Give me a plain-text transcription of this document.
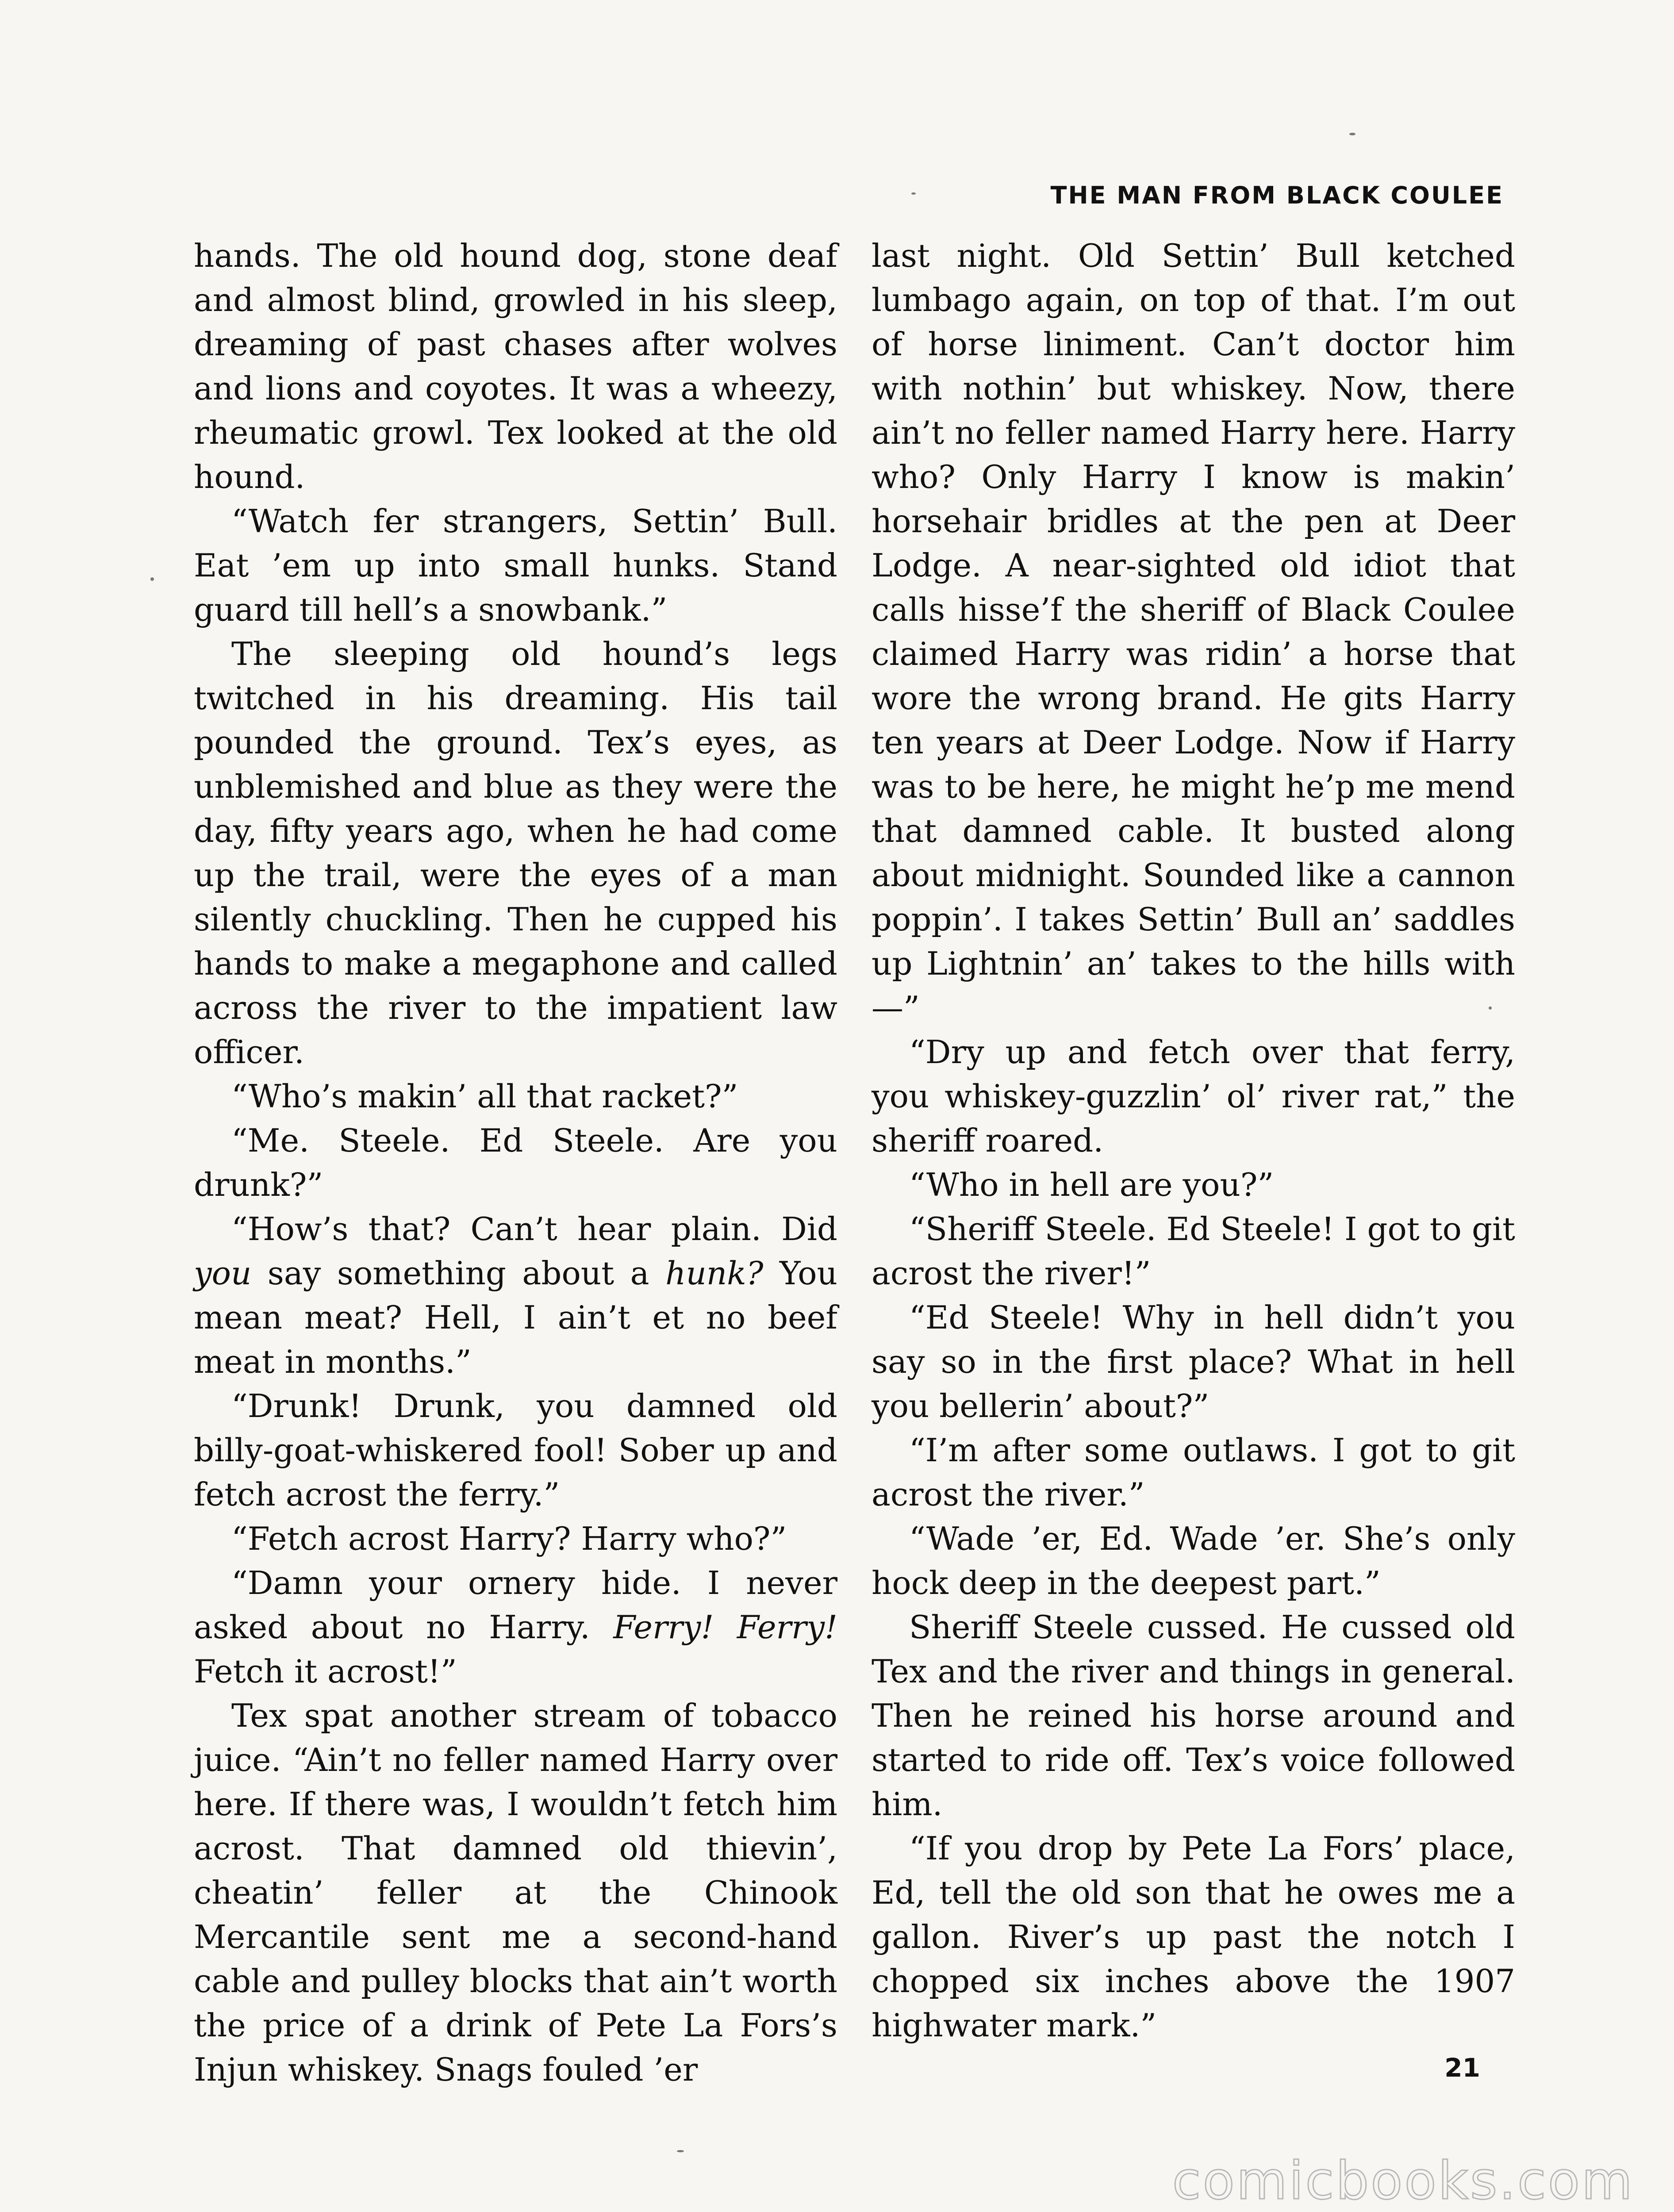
THE MAN FROM BLACK COULEE

hands. The old hound dog, stone deaf and almost blind, growled in his sleep, dreaming of past chases after wolves and lions and coyotes. It was a wheezy, rheumatic growl. Tex looked at the old hound.

“Watch fer strangers, Settin’ Bull. Eat ’em up into small hunks. Stand guard till hell’s a snowbank.”

The sleeping old hound’s legs twitched in his dreaming. His tail pounded the ground. Tex’s eyes, as unblemished and blue as they were the day, fifty years ago, when he had come up the trail, were the eyes of a man silently chuckling. Then he cupped his hands to make a megaphone and called across the river to the impatient law officer.

“Who’s makin’ all that racket?”

“Me. Steele. Ed Steele. Are you drunk?”

“How’s that? Can’t hear plain. Did you say something about a hunk? You mean meat? Hell, I ain’t et no beef meat in months.”

“Drunk! Drunk, you damned old billy-goat-whiskered fool! Sober up and fetch acrost the ferry.”

“Fetch acrost Harry? Harry who?”

“Damn your ornery hide. I never asked about no Harry. Ferry! Ferry! Fetch it acrost!”

Tex spat another stream of tobacco juice. “Ain’t no feller named Harry over here. If there was, I wouldn’t fetch him acrost. That damned old thievin’, cheatin’ feller at the Chinook Mercantile sent me a second-hand cable and pulley blocks that ain’t worth the price of a drink of Pete La Fors’s Injun whiskey. Snags fouled ’er

last night. Old Settin’ Bull ketched lumbago again, on top of that. I’m out of horse liniment. Can’t doctor him with nothin’ but whiskey. Now, there ain’t no feller named Harry here. Harry who? Only Harry I know is makin’ horsehair bridles at the pen at Deer Lodge. A near-sighted old idiot that calls hisse’f the sheriff of Black Coulee claimed Harry was ridin’ a horse that wore the wrong brand. He gits Harry ten years at Deer Lodge. Now if Harry was to be here, he might he’p me mend that damned cable. It busted along about midnight. Sounded like a cannon poppin’. I takes Settin’ Bull an’ saddles up Lightnin’ an’ takes to the hills with—”

“Dry up and fetch over that ferry, you whiskey-guzzlin’ ol’ river rat,” the sheriff roared.

“Who in hell are you?”

“Sheriff Steele. Ed Steele! I got to git acrost the river!”

“Ed Steele! Why in hell didn’t you say so in the first place? What in hell you bellerin’ about?”

“I’m after some outlaws. I got to git acrost the river.”

“Wade ’er, Ed. Wade ’er. She’s only hock deep in the deepest part.”

Sheriff Steele cussed. He cussed old Tex and the river and things in general. Then he reined his horse around and started to ride off. Tex’s voice followed him.

“If you drop by Pete La Fors’ place, Ed, tell the old son that he owes me a gallon. River’s up past the notch I chopped six inches above the 1907 highwater mark.”

21
comicbooks.com
